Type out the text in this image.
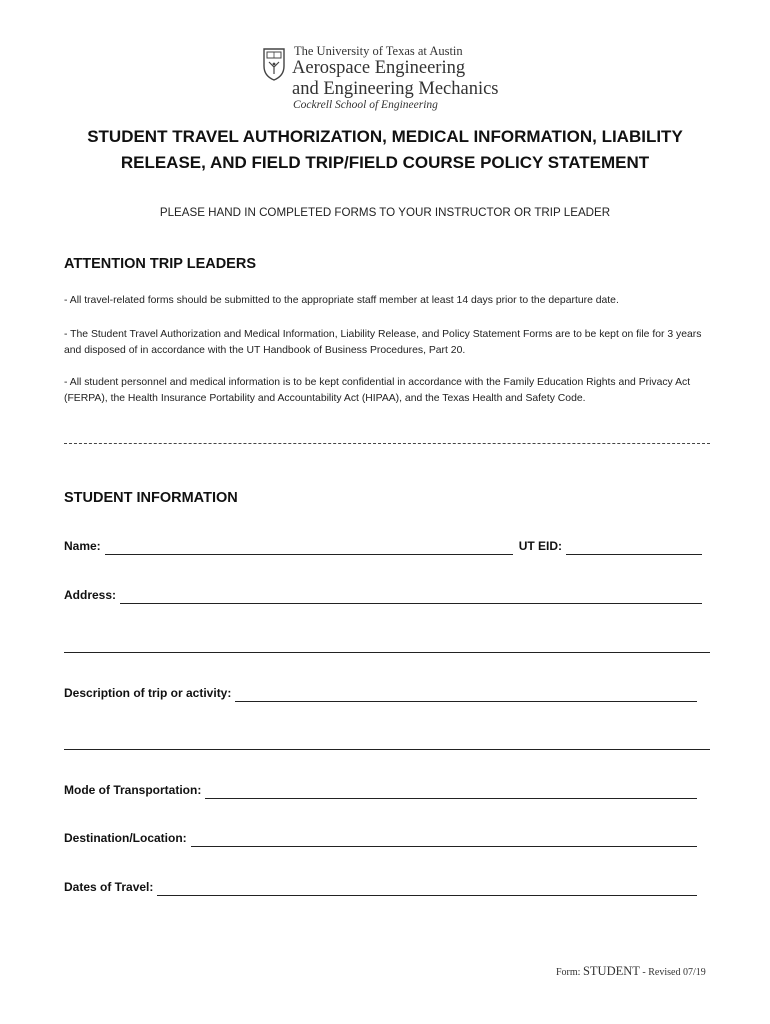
The University of Texas at Austin
Aerospace Engineering
and Engineering Mechanics
Cockrell School of Engineering
STUDENT TRAVEL AUTHORIZATION, MEDICAL INFORMATION, LIABILITY
RELEASE, AND FIELD TRIP/FIELD COURSE POLICY STATEMENT
PLEASE HAND IN COMPLETED FORMS TO YOUR INSTRUCTOR OR TRIP LEADER
ATTENTION TRIP LEADERS
- All travel-related forms should be submitted to the appropriate staff member at least 14 days prior to the departure date.
- The Student Travel Authorization and Medical Information, Liability Release, and Policy Statement Forms are to be kept on file for 3 years and disposed of in accordance with the UT Handbook of Business Procedures, Part 20.
- All student personnel and medical information is to be kept confidential in accordance with the Family Education Rights and Privacy Act (FERPA), the Health Insurance Portability and Accountability Act (HIPAA), and the Texas Health and Safety Code.
STUDENT INFORMATION
Name:	UT EID:
Address:
Description of trip or activity:
Mode of Transportation:
Destination/Location:
Dates of Travel:
Form: STUDENT - Revised 07/19
